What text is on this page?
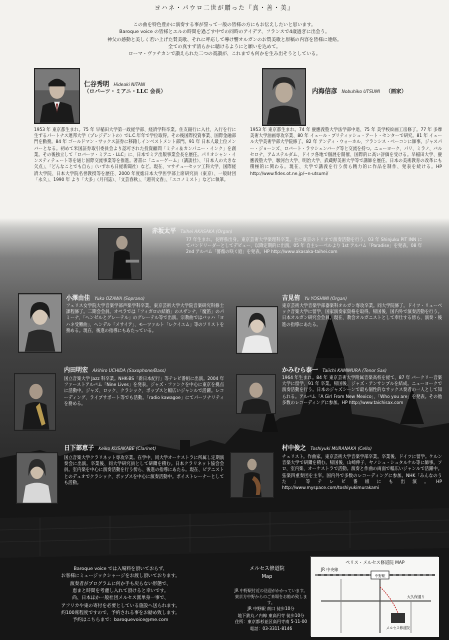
ヨハネ・パウロ二世が贈った『真・善・美』
この曲を特色豊かに演奏する事が誓って一般の皆様の方にもお伝えしたいと思います。
Baroque voice の皆様とエルの時間を過ごす中での同時のアイデア、フランスで4歳過ぎに出会う。
神父の感動と美しく若い上げた賛美歌、それに呼応して導け響オルガンのお賛美歌と原稿の内容を皆様に連絡。
全ての真すず清らかに聴けるようにと願いを込めて。
ローマ・ヴァチカンで讃えられた二つの賞讃が、これまでも何かを生み出そうとしている。
仁谷秀明 Hideaki NITANI
（ロバーツ・ミアニ・LLC 会長）
1953 年 東京都生まれ。75 年 早稲田大学第一政経学部、経済学科卒業。住友銀行に入社、入行を行に生ずるパートナス連邦大学（プレジデントの）でL.C.年年で学位取得。その後国際投資事業、国際金融部門を勤務。84 年 ゴールドマン・サックス証券に移籍しインベストメント部門。91 年 日本人最上位メンバーとなる。初めて米国証券取引委員会より認可された投資顧問「ミティ＆カンパニー・インク」を創業。その後独立して「ロバーツ・ミアニ・LLC」に、日本でミア出版事業会長を歴任。パリオシャン・インスティテュート等を通じ国際交流事業等を推進。著書に「ニューゲーム」（講談社）、「日本人の大きな欠点」、「どんなことでも自ら」（いずれも日経新聞社）など。現在、マサチューセッツ工科大学、国際経済大学院、日本大学院名誉教授等を歴任、2000 年度総日本大学医学部上席研究員（東京）、一般財団「永久」、1990 年 より「大多」（月刊誌）、「文芸春秋」、「週刊文春」、「エコノミスト」などに執筆。
内海信彦 Nobuhiko UTSUMI （画家）
1953 年 東京都生まれ。74 年 慶應義塾大学法学部中退、75 年 美学校絵画工房修了。77 年 多摩美術大学油画専攻卒業、80 年 イェール・ブリティッシュ・アート・センターで研究。81 年 イェール大学美術学部大学院修了。82 年 アンディ・ウォーホル、フランシス・ベーコンに師事。ジャスパー・ジョーンズ、ロバート・ラウシェンバーグ等と交流を持つ。ニューヨーク、パリ、ミラノ、バルセロナ、アムステルダム、ドイツ各地で個展を開催、国際的に高い評価を受ける。早稲田大学、慶應義塾大学、駿河台大学、明治大学、武蔵野美術大学等で講師を歴任。日本の美術教育の改革にも積極的に関わる。現在、大学で講義を行う傍ら精力的に作品を制作、発表を続ける。HP http://www.fides.ot.ne.jp/~n-utsumi/
赤坂太平 Taihei AKASAKA (Organ)
77 年生まれ。長野県出身。東京芸術大学楽理科卒業。主に東京のトリオで演奏活動を行う。03 年 Shinjuku PIT INN にてバンドリーダーとしてデビュー、以降定期的に出演。05 年 自主レーベルより 1st アルバム「Paradise」を発表。08 年 2nd アルバム「薔薇の咲く庭」を発表。HP http://www.akasaka-taihei.com
小澤由佳 Yuka OZAWA (Soprano)
フェリス女学院大学音楽学部声楽学科卒業。東京芸術大学大学院音楽研究科修士課程修了。二期会会員。オペラでは「フィガロの結婚」のスザンナ、「魔笛」のパミーナ、「ヘンゼルとグレーテル」のグレーテル等で出演。宗教曲ではバッハ「ヨハネ受難曲」、ヘンデル「メサイア」、モーツァルト「レクイエム」等のソリストを務める。現在、後進の指導にもあたっている。
吉見侑 Yu YOSHIMI (Organ)
東京芸術大学音楽学部器楽科オルガン専攻卒業。同大学院修了。ドイツ・リューベック音楽大学に留学、国家演奏家資格を取得。帰国後、国内外で演奏活動を行う。日本オルガン研究会会員。現在、教会オルガニストとして奉仕する傍ら、演奏・後進の指導にあたる。
内田明宏 Akihiro UCHIDA (Saxophone/Bass)
国立音楽大学 Jazz 科卒業。NHK-BS「新日本紀行」等テレビ番組に出演。2004 年 ファーストアルバム「Nine Lives」を発表。ジャズ・ファンクを中心に東京を拠点に活動中。ジャズ、ロック、クラシック、ポップスと幅広いジャンルで活躍。レコーディング、ライブサポート等でも活動。「radio kawagoe」にてパーソナリティを務める。
かみむら泰一 Taiichi KAMIMURA (Tenor Sax)
1964 年生まれ。84 年 東京芸術大学附属音楽高校を経て、87 年 バークリー音楽大学に留学、91 年 卒業。帰国後、ジャズ・アンサンブルを結成。ニューヨークで演奏活動を行う。日本のジャズシーンで最も個性的なサックス奏者の一人として知られる。アルバム「A Girl From New Mexico」、「Who you are」を発表。その他多数のレコーディングに参加。HP http://www.taichisax.com
日下部恵子 Keiko KUSAKABE (Clarinet)
国立音楽大学クラリネット専攻卒業。在学中、同大学オーケストラに所属し定期演奏会に出演。卒業後、同大学研究員として研鑽を積む。日本クラリネット協会会員。室内楽を中心に演奏活動を行う傍ら、後進の指導にあたる。現在、ピアニストとのデュオでクラシック、ポップスを中心に演奏活動中。ボイストレーナーとしても活動。
村中俊之 Toshiyuki MURANAKA (Cello)
チェリスト。作曲家。東京芸術大学音楽学部卒業。卒業後、ドイツに留学。ケルン音楽大学で研鑽を積む。帰国後、山崎伸子、ヤノシュ・シュタルケル等に師事。ソロ、室内楽、オーケストラで活動。演奏と作曲の両面で幅広いジャンルで活躍中。弦楽四重奏団を主宰。国内外で多数のレコーディングに参加。NHK「みんなのうた」等テレビ番組にも出演。HP http://www.myspace.com/toshiyukimurakami
Baroque voice では入場料を頂いておらず、
お客様にミュージックシャージをお渡し頂いております。
演奏者がプログラムに何か手も戻らない形態で、
恵まと時間を考慮し入れて頂けると幸いです。
尚、日本ほか一般社団メルセス派単身一事で、
アフリカや東の寄付を必要としている施設へ送られます。
約100席程度ですので、予約される事をお勧め致します。
予約はこちらまで：baroquevoice@me.com
メルセス修道院
Map
JR 中野駅 南口 徒歩10分
地下鉄丸ノ内線 東高円寺 徒歩10分
住所：東京都杉並区高円寺南 5-11-00
電話：03-3311-8146
ペリス・メルセス修道院 MAP
JR 中央線
中野駅
大久保通り
メルセス修道院
JR 中野駅付近の送迎がかかっています。
東京方中野からのご来場をお勧め致します。
